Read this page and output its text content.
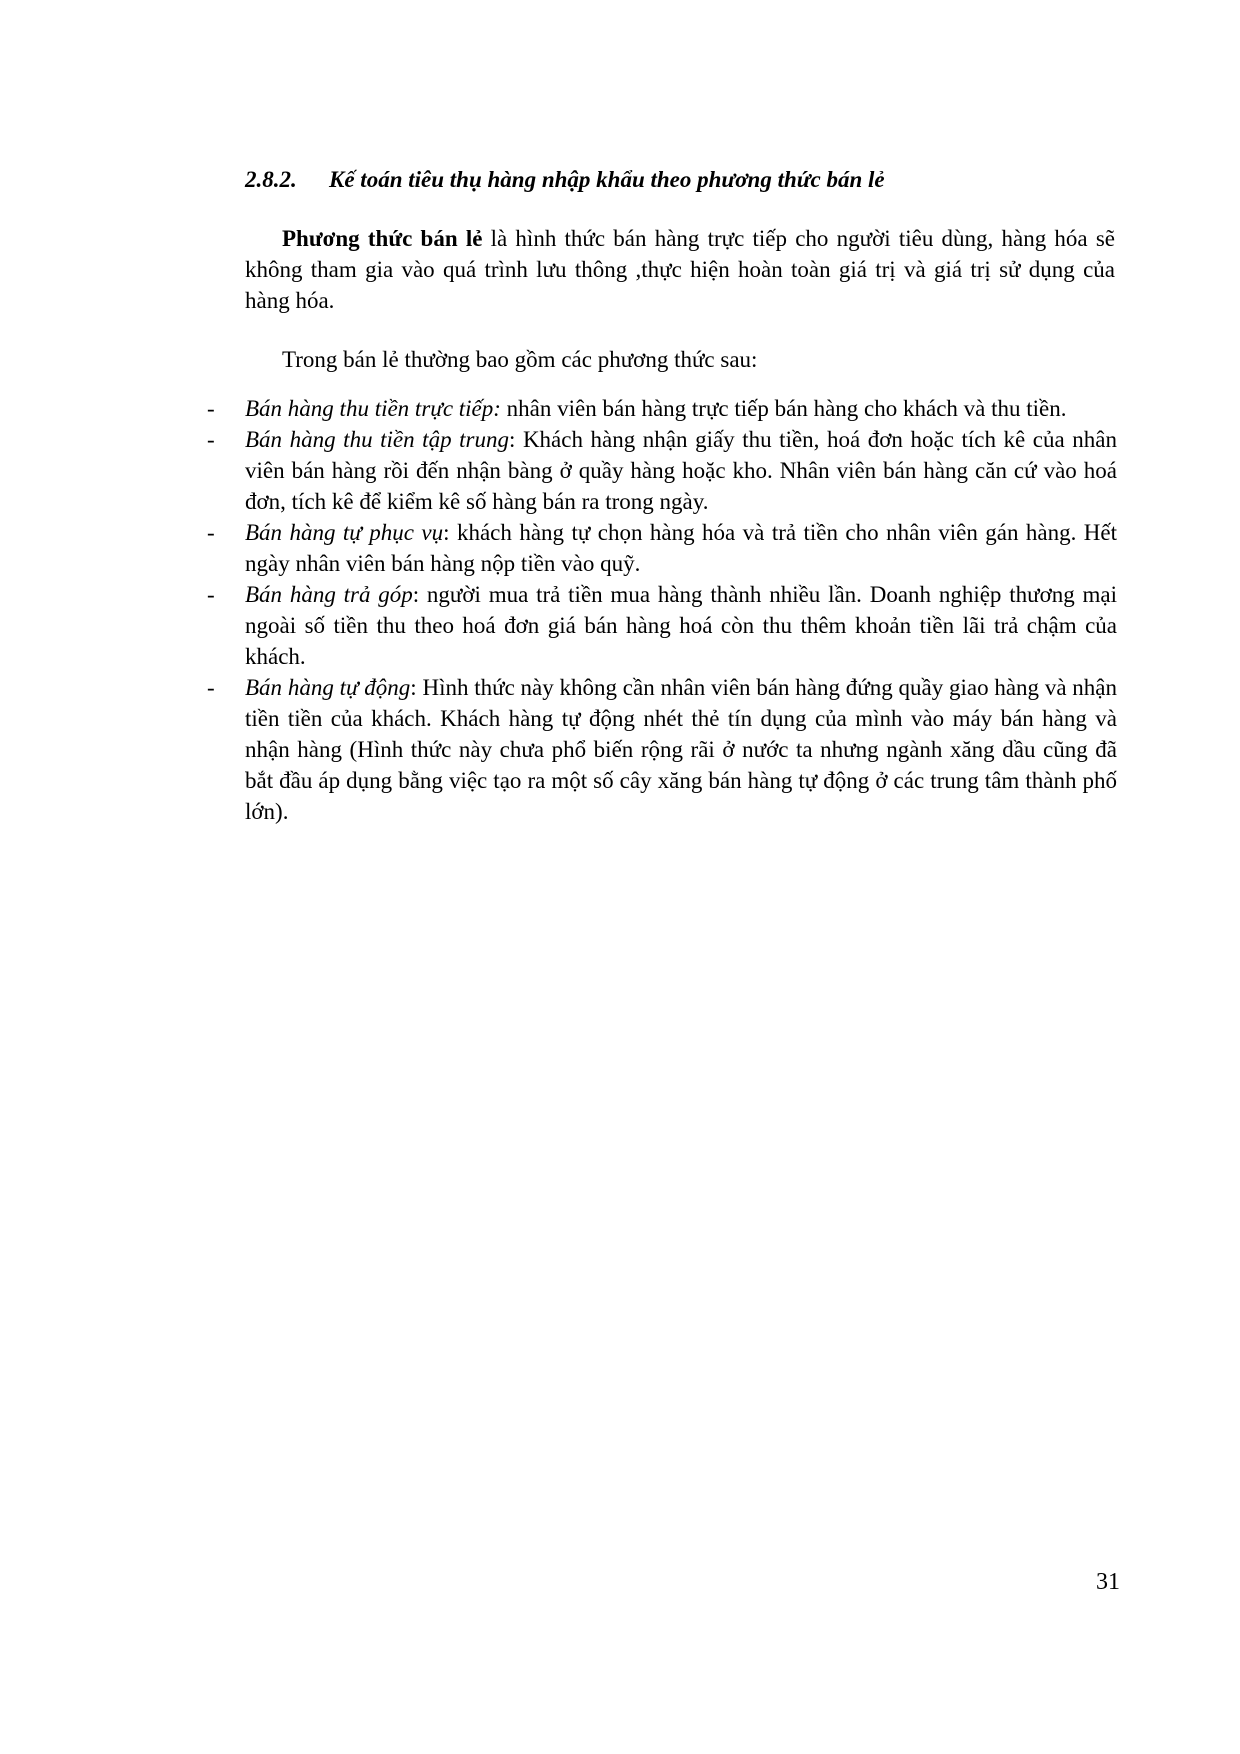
2.8.2. Kế toán tiêu thụ hàng nhập khẩu theo phương thức bán lẻ

Phương thức bán lẻ là hình thức bán hàng trực tiếp cho người tiêu dùng, hàng hóa sẽ không tham gia vào quá trình lưu thông ,thực hiện hoàn toàn giá trị và giá trị sử dụng của hàng hóa.

Trong bán lẻ thường bao gồm các phương thức sau:

-	Bán hàng thu tiền trực tiếp: nhân viên bán hàng trực tiếp bán hàng cho khách và thu tiền.
-	Bán hàng thu tiền tập trung: Khách hàng nhận giấy thu tiền, hoá đơn hoặc tích kê của nhân viên bán hàng rồi đến nhận bàng ở quầy hàng hoặc kho. Nhân viên bán hàng căn cứ vào hoá đơn, tích kê để kiểm kê số hàng bán ra trong ngày.
-	Bán hàng tự phục vụ: khách hàng tự chọn hàng hóa và trả tiền cho nhân viên gán hàng. Hết ngày nhân viên bán hàng nộp tiền vào quỹ.
-	Bán hàng trả góp: người mua trả tiền mua hàng thành nhiều lần. Doanh nghiệp thương mại ngoài số tiền thu theo hoá đơn giá bán hàng hoá còn thu thêm khoản tiền lãi trả chậm của khách.
-	Bán hàng tự động: Hình thức này không cần nhân viên bán hàng đứng quầy giao hàng và nhận tiền tiền của khách. Khách hàng tự động nhét thẻ tín dụng của mình vào máy bán hàng và nhận hàng (Hình thức này chưa phổ biến rộng rãi ở nước ta nhưng ngành xăng dầu cũng đã bắt đầu áp dụng bằng việc tạo ra một số cây xăng bán hàng tự động ở các trung tâm thành phố lớn).
31
